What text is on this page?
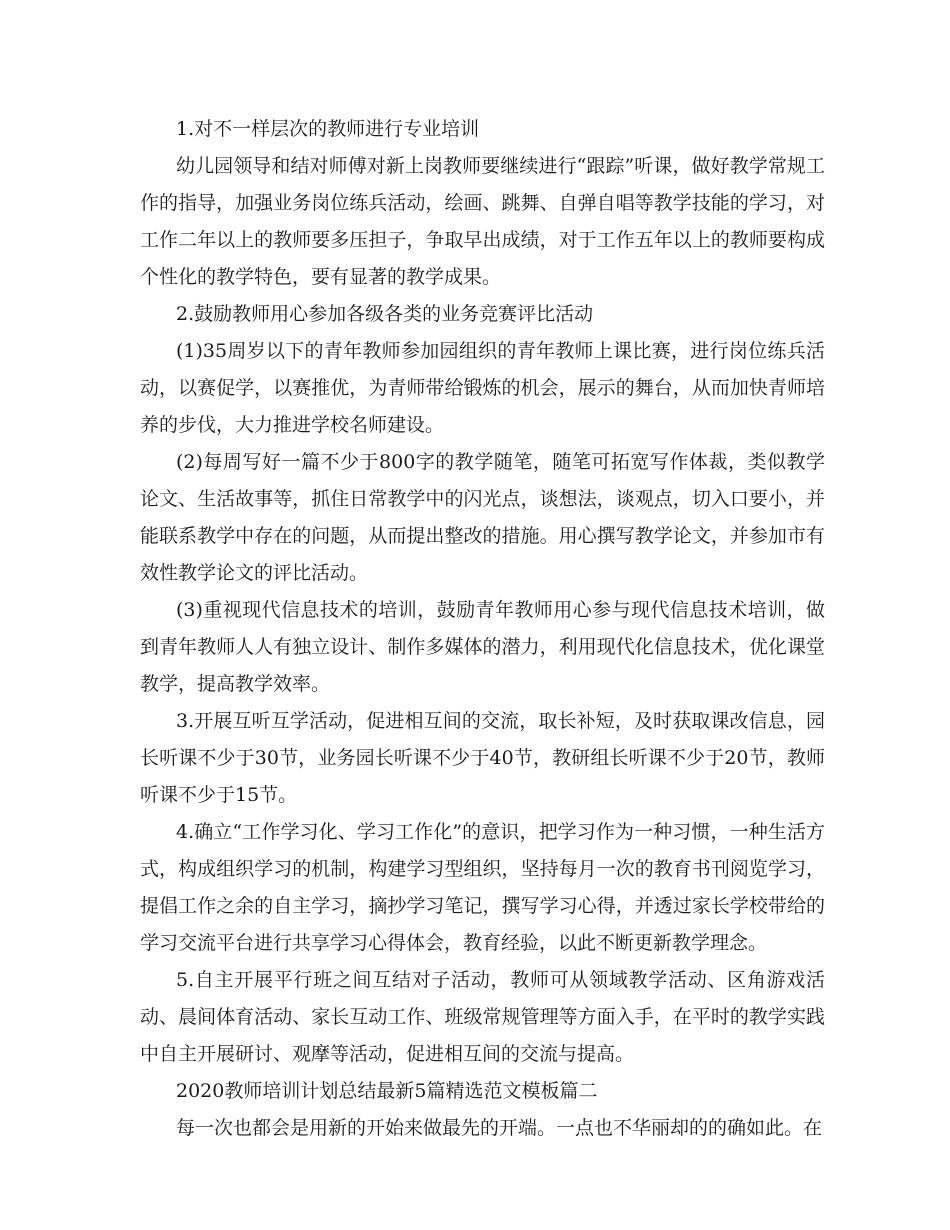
1.对不一样层次的教师进行专业培训

幼儿园领导和结对师傅对新上岗教师要继续进行“跟踪”听课，做好教学常规工作的指导，加强业务岗位练兵活动，绘画、跳舞、自弹自唱等教学技能的学习，对工作二年以上的教师要多压担子，争取早出成绩，对于工作五年以上的教师要构成个性化的教学特色，要有显著的教学成果。

2.鼓励教师用心参加各级各类的业务竞赛评比活动

(1)35周岁以下的青年教师参加园组织的青年教师上课比赛，进行岗位练兵活动，以赛促学，以赛推优，为青师带给锻炼的机会，展示的舞台，从而加快青师培养的步伐，大力推进学校名师建设。

(2)每周写好一篇不少于800字的教学随笔，随笔可拓宽写作体裁，类似教学论文、生活故事等，抓住日常教学中的闪光点，谈想法，谈观点，切入口要小，并能联系教学中存在的问题，从而提出整改的措施。用心撰写教学论文，并参加市有效性教学论文的评比活动。

(3)重视现代信息技术的培训，鼓励青年教师用心参与现代信息技术培训，做到青年教师人人有独立设计、制作多媒体的潜力，利用现代化信息技术，优化课堂教学，提高教学效率。

3.开展互听互学活动，促进相互间的交流，取长补短，及时获取课改信息，园长听课不少于30节，业务园长听课不少于40节，教研组长听课不少于20节，教师听课不少于15节。

4.确立“工作学习化、学习工作化”的意识，把学习作为一种习惯，一种生活方式，构成组织学习的机制，构建学习型组织，坚持每月一次的教育书刊阅览学习，提倡工作之余的自主学习，摘抄学习笔记，撰写学习心得，并透过家长学校带给的学习交流平台进行共享学习心得体会，教育经验，以此不断更新教学理念。

5.自主开展平行班之间互结对子活动，教师可从领域教学活动、区角游戏活动、晨间体育活动、家长互动工作、班级常规管理等方面入手，在平时的教学实践中自主开展研讨、观摩等活动，促进相互间的交流与提高。

2020教师培训计划总结最新5篇精选范文模板篇二

每一次也都会是用新的开始来做最先的开端。一点也不华丽却的的确如此。在
